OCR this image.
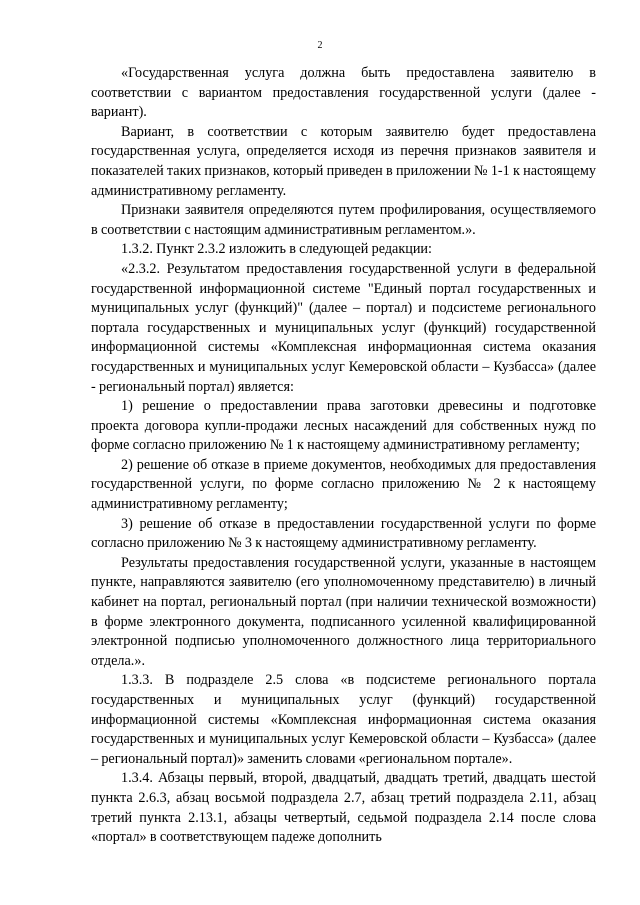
2

«Государственная услуга должна быть предоставлена заявителю в соответствии с вариантом предоставления государственной услуги (далее - вариант).

Вариант, в соответствии с которым заявителю будет предоставлена государственная услуга, определяется исходя из перечня признаков заявителя и показателей таких признаков, который приведен в приложении № 1-1 к настоящему административному регламенту.

Признаки заявителя определяются путем профилирования, осуществляемого в соответствии с настоящим административным регламентом.».

1.3.2. Пункт 2.3.2 изложить в следующей редакции:

«2.3.2. Результатом предоставления государственной услуги в федеральной государственной информационной системе "Единый портал государственных и муниципальных услуг (функций)" (далее – портал) и подсистеме регионального портала государственных и муниципальных услуг (функций) государственной информационной системы «Комплексная информационная система оказания государственных и муниципальных услуг Кемеровской области – Кузбасса» (далее - региональный портал) является:

1) решение о предоставлении права заготовки древесины и подготовке проекта договора купли-продажи лесных насаждений для собственных нужд по форме согласно приложению № 1 к настоящему административному регламенту;

2) решение об отказе в приеме документов, необходимых для предоставления государственной услуги, по форме согласно приложению № 2 к настоящему административному регламенту;

3) решение об отказе в предоставлении государственной услуги по форме согласно приложению № 3 к настоящему административному регламенту.

Результаты предоставления государственной услуги, указанные в настоящем пункте, направляются заявителю (его уполномоченному представителю) в личный кабинет на портал, региональный портал (при наличии технической возможности) в форме электронного документа, подписанного усиленной квалифицированной электронной подписью уполномоченного должностного лица территориального отдела.».

1.3.3. В подразделе 2.5 слова «в подсистеме регионального портала государственных и муниципальных услуг (функций) государственной информационной системы «Комплексная информационная система оказания государственных и муниципальных услуг Кемеровской области – Кузбасса» (далее – региональный портал)» заменить словами «региональном портале».

1.3.4. Абзацы первый, второй, двадцатый, двадцать третий, двадцать шестой пункта 2.6.3, абзац восьмой подраздела 2.7, абзац третий подраздела 2.11, абзац третий пункта 2.13.1, абзацы четвертый, седьмой подраздела 2.14 после слова «портал» в соответствующем падеже дополнить
